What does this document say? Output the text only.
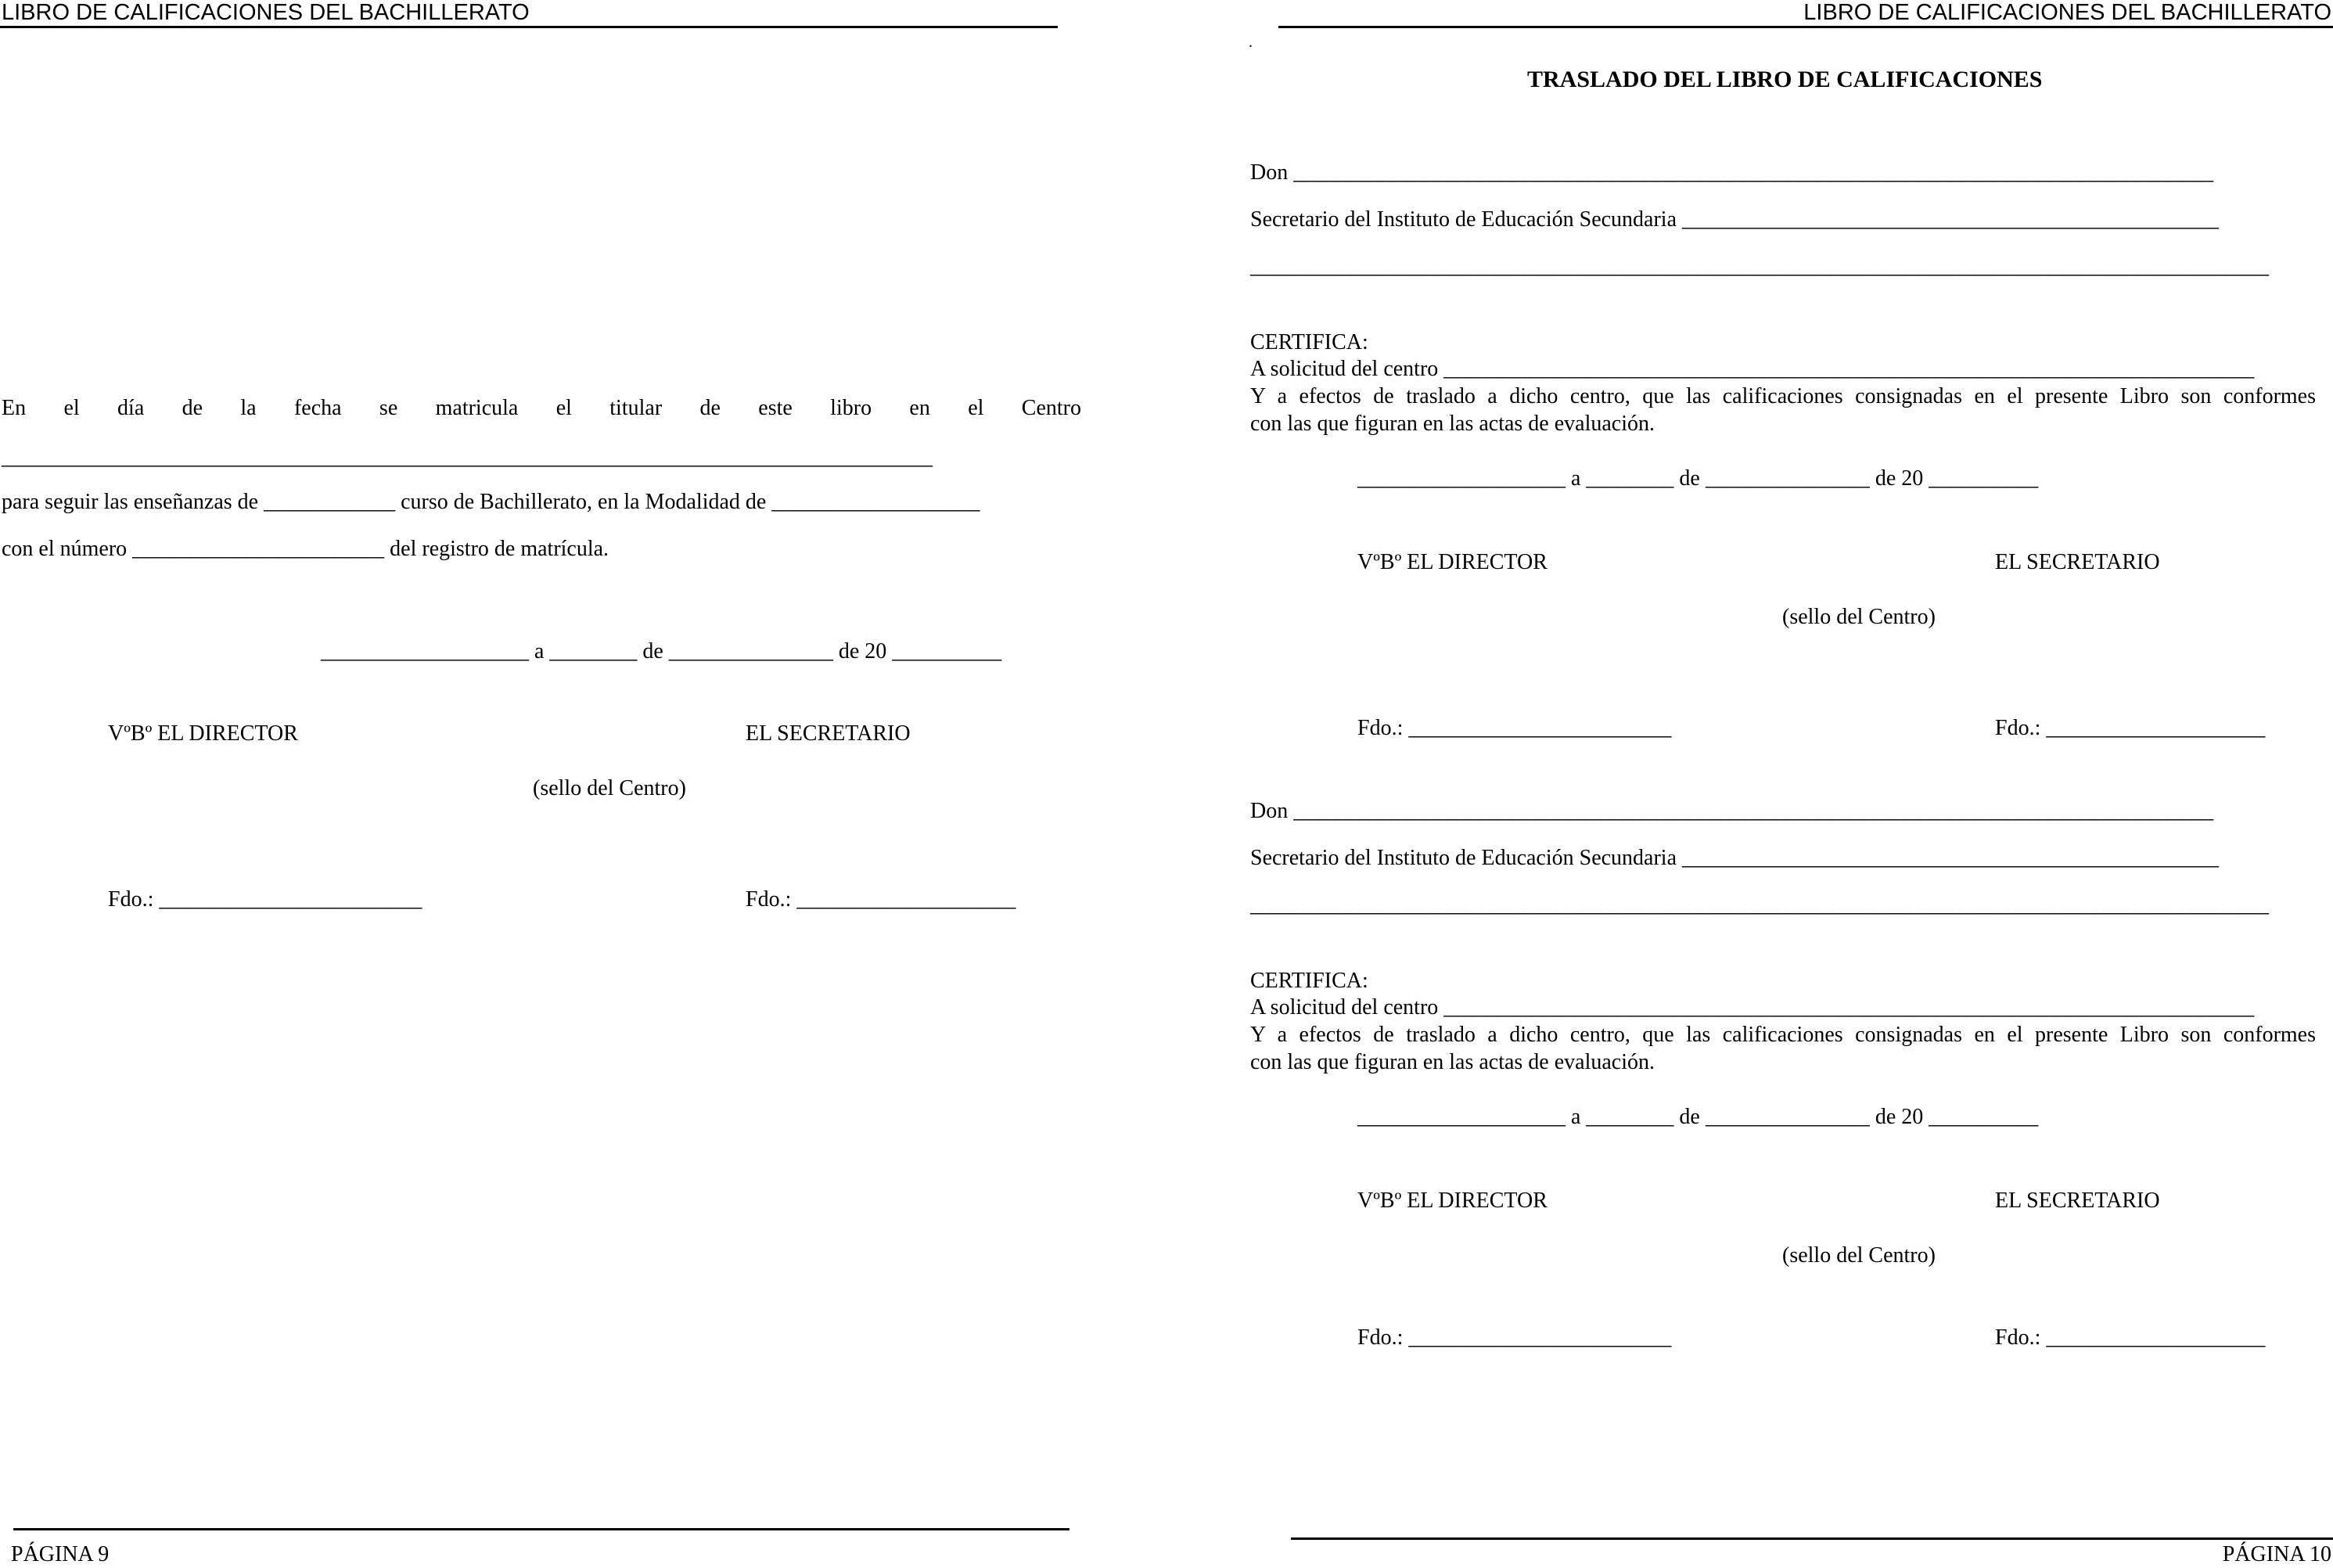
LIBRO DE CALIFICACIONES DEL BACHILLERATO
En el día de la fecha se matricula el titular de este libro en el Centro
_____________________________________________________________________________________
para seguir las enseñanzas de ____________ curso de Bachillerato, en la Modalidad de ___________________
con el número _______________________ del registro de matrícula.
___________________ a ________ de _______________ de 20 __________
VºBº EL DIRECTOR	EL SECRETARIO
(sello del Centro)
Fdo.: ________________________	Fdo.: ____________________
PÁGINA 9
LIBRO DE CALIFICACIONES DEL BACHILLERATO
.
TRASLADO DEL LIBRO DE CALIFICACIONES
Don ____________________________________________________________________________________
Secretario del Instituto de Educación Secundaria _________________________________________________
_____________________________________________________________________________________________
CERTIFICA:
A solicitud del centro __________________________________________________________________________
Y a efectos de traslado a dicho centro, que las calificaciones consignadas en el presente Libro son conformes
con las que figuran en las actas de evaluación.
___________________ a ________ de _______________ de 20 __________
VºBº EL DIRECTOR	EL SECRETARIO
(sello del Centro)
Fdo.: ________________________	Fdo.: ____________________
Don ____________________________________________________________________________________
Secretario del Instituto de Educación Secundaria _________________________________________________
_____________________________________________________________________________________________
CERTIFICA:
A solicitud del centro __________________________________________________________________________
Y a efectos de traslado a dicho centro, que las calificaciones consignadas en el presente Libro son conformes
con las que figuran en las actas de evaluación.
___________________ a ________ de _______________ de 20 __________
VºBº EL DIRECTOR	EL SECRETARIO
(sello del Centro)
Fdo.: ________________________	Fdo.: ____________________
PÁGINA 10
